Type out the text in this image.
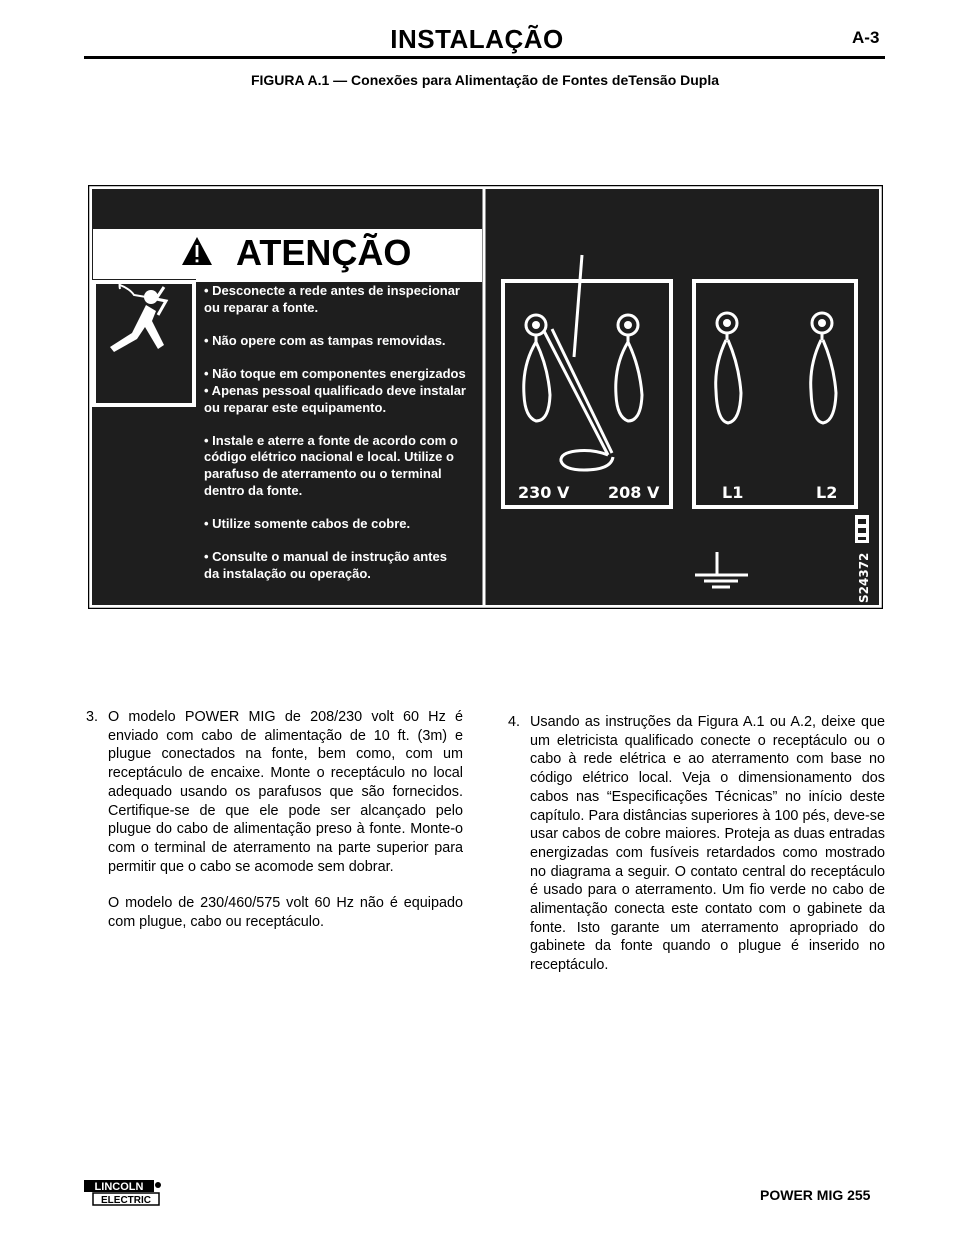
INSTALAÇÃO	A-3
FIGURA A.1 — Conexões para Alimentação de Fontes deTensão Dupla
ATENÇÃO
• Desconecte a rede antes de inspecionar
ou reparar a fonte.
• Não opere com as tampas removidas.
• Não toque em componentes energizados
• Apenas pessoal qualificado deve instalar
ou reparar este equipamento.
• Instale e aterre a fonte de acordo com o
código elétrico nacional e local. Utilize o
parafuso de aterramento ou o terminal
dentro da fonte.
• Utilize somente cabos de cobre.
• Consulte o manual de instrução antes
da instalação ou operação.
230 V 208 V	L1	L2
S24372
3. O modelo POWER MIG de 208/230 volt 60 Hz é enviado com cabo de alimentação de 10 ft. (3m) e plugue conectados na fonte, bem como, com um receptáculo de encaixe. Monte o receptáculo no local adequado usando os parafusos que são fornecidos. Certifique-se de que ele pode ser alcançado pelo plugue do cabo de alimentação preso à fonte. Monte-o com o terminal de aterramento na parte superior para permitir que o cabo se acomode sem dobrar.

O modelo de 230/460/575 volt 60 Hz não é equipado com plugue, cabo ou receptáculo.

4. Usando as instruções da Figura A.1 ou A.2, deixe que um eletricista qualificado conecte o receptáculo ou o cabo à rede elétrica e ao aterramento com base no código elétrico local. Veja o dimensionamento dos cabos nas “Especificações Técnicas” no início deste capítulo. Para distâncias superiores à 100 pés, deve-se usar cabos de cobre maiores. Proteja as duas entradas energizadas com fusíveis retardados como mostrado no diagrama a seguir. O contato central do receptáculo é usado para o aterramento. Um fio verde no cabo de alimentação conecta este contato com o gabinete da fonte. Isto garante um aterramento apropriado do gabinete da fonte quando o plugue é inserido no receptáculo.

LINCOLN
ELECTRIC	POWER MIG 255
